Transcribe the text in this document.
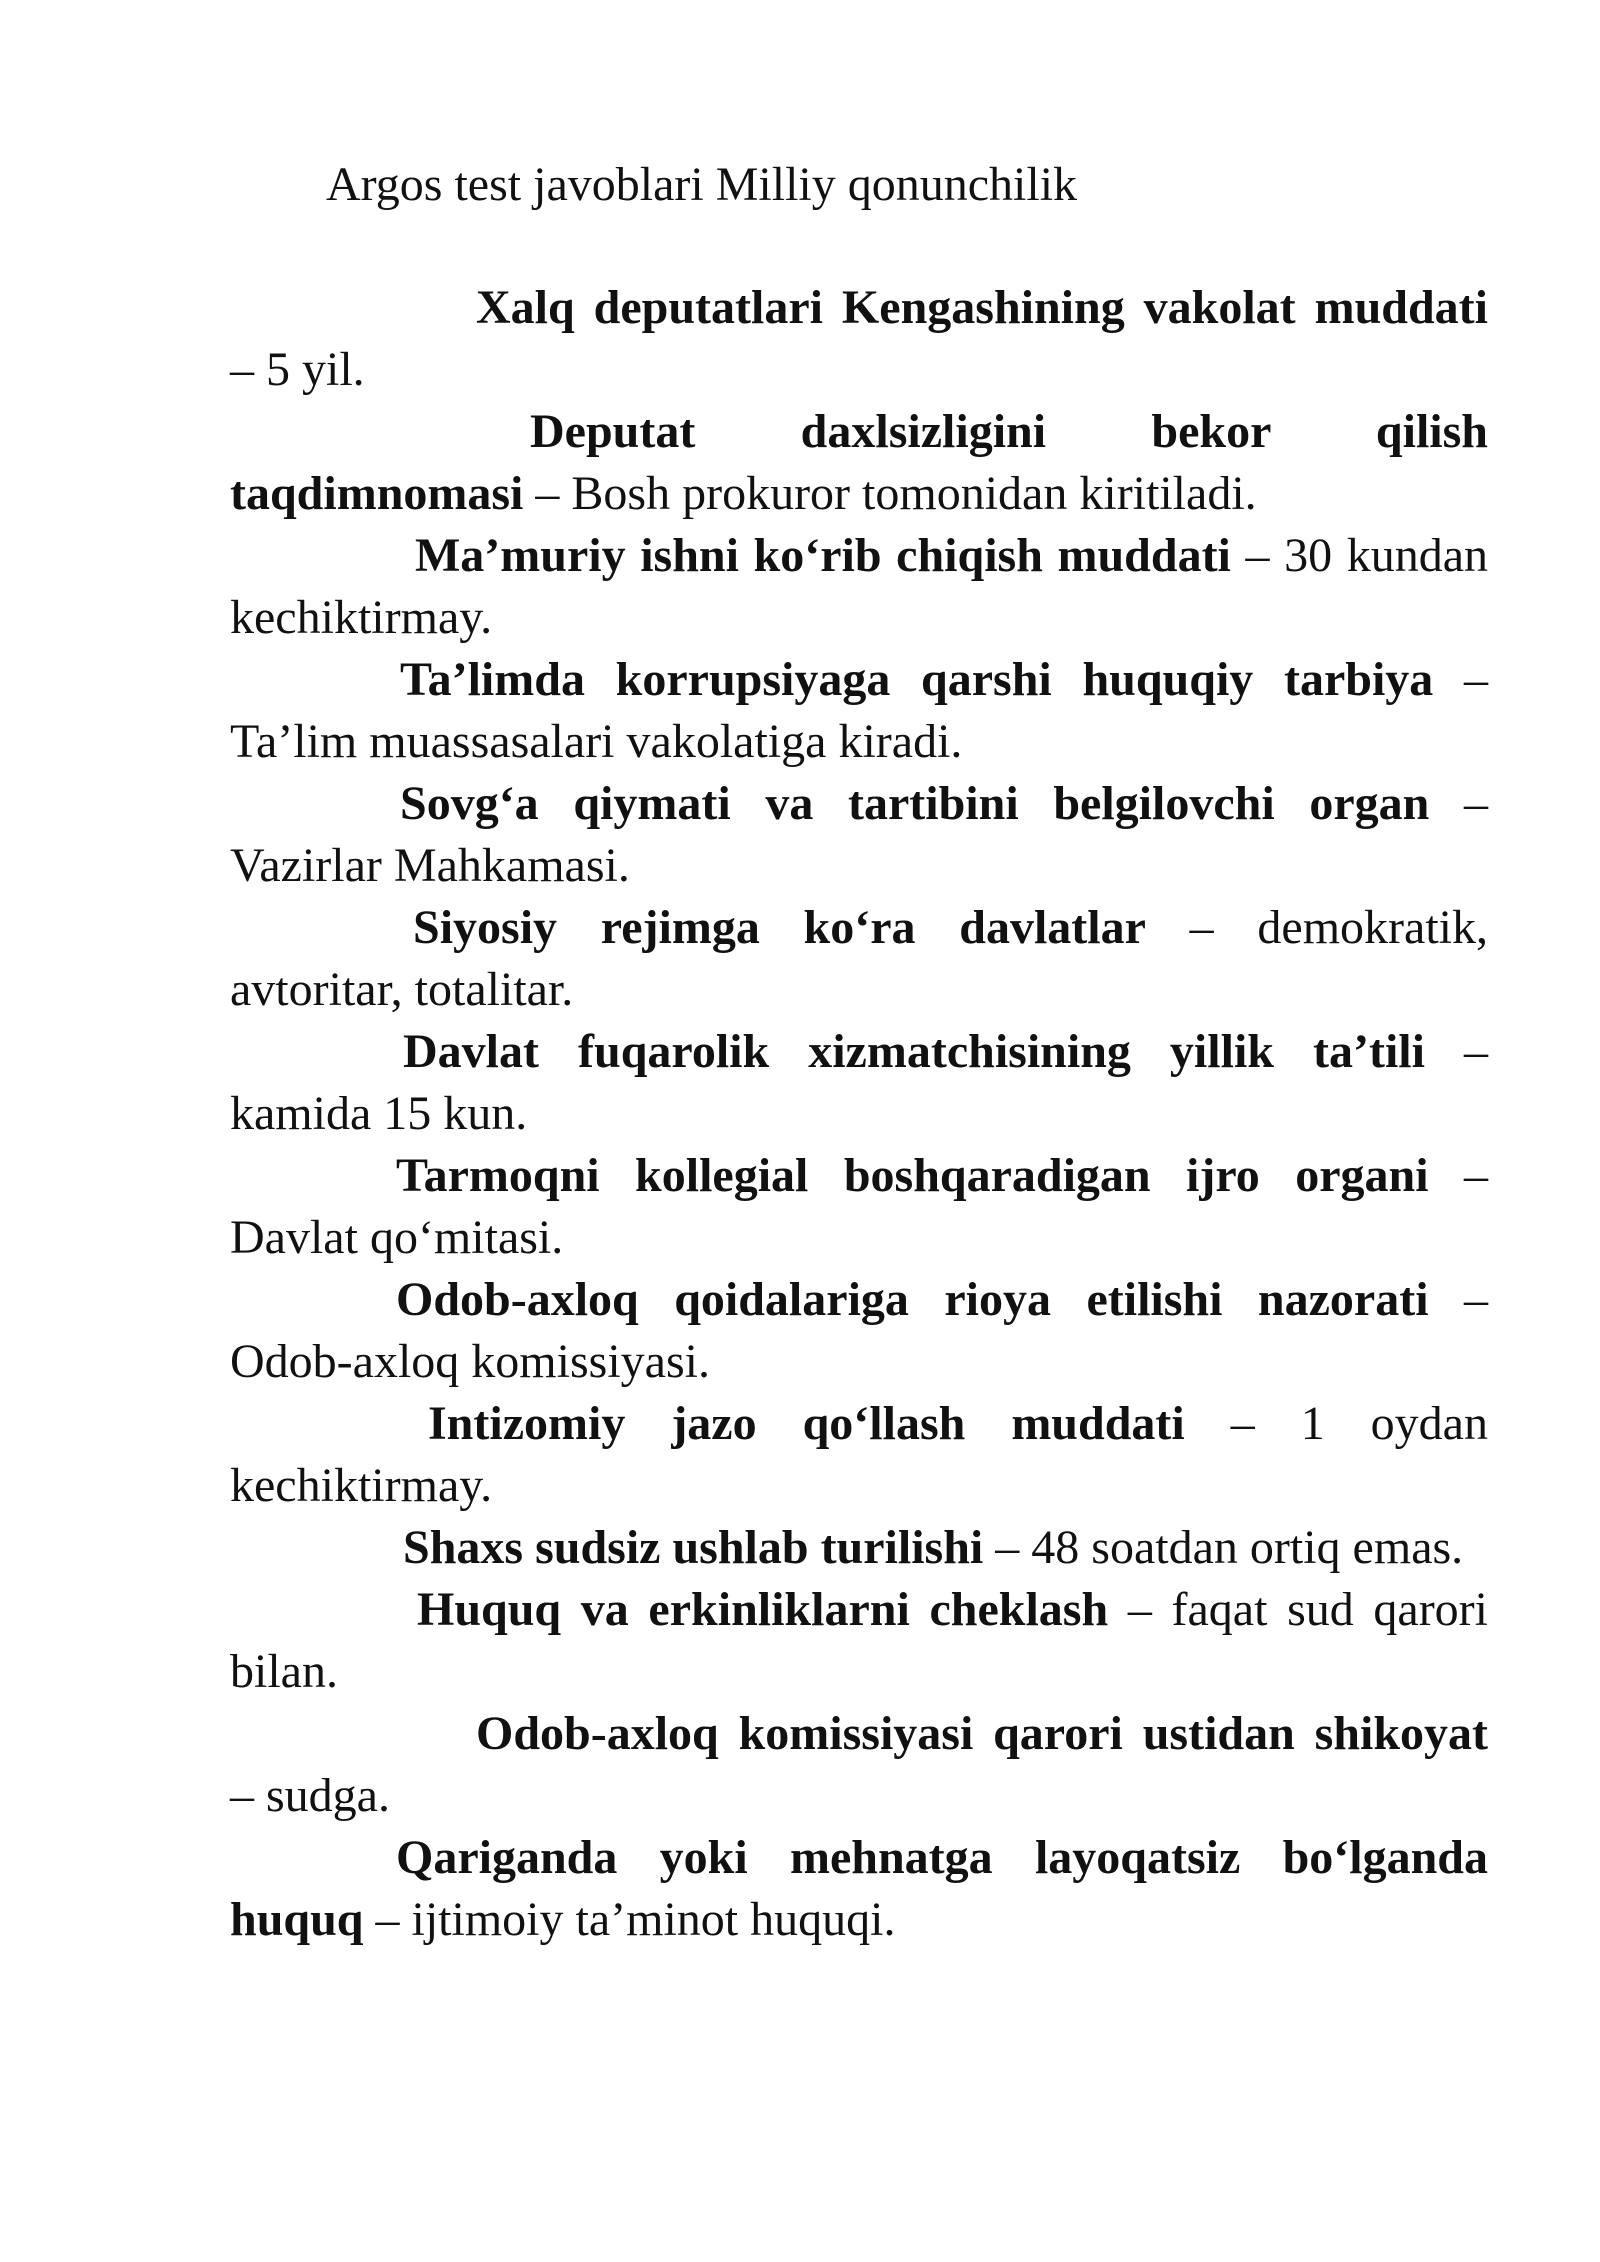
Argos test javoblari Milliy qonunchilik
Xalq deputatlari Kengashining vakolat muddati – 5 yil.
Deputat daxlsizligini bekor qilish taqdimnomasi – Bosh prokuror tomonidan kiritiladi.
Ma’muriy ishni ko‘rib chiqish muddati – 30 kundan kechiktirmay.
Ta’limda korrupsiyaga qarshi huquqiy tarbiya – Ta’lim muassasalari vakolatiga kiradi.
Sovg‘a qiymati va tartibini belgilovchi organ – Vazirlar Mahkamasi.
Siyosiy rejimga ko‘ra davlatlar – demokratik, avtoritar, totalitar.
Davlat fuqarolik xizmatchisining yillik ta’tili – kamida 15 kun.
Tarmoqni kollegial boshqaradigan ijro organi – Davlat qo‘mitasi.
Odob-axloq qoidalariga rioya etilishi nazorati – Odob-axloq komissiyasi.
Intizomiy jazo qo‘llash muddati – 1 oydan kechiktirmay.
Shaxs sudsiz ushlab turilishi – 48 soatdan ortiq emas.
Huquq va erkinliklarni cheklash – faqat sud qarori bilan.
Odob-axloq komissiyasi qarori ustidan shikoyat – sudga.
Qariganda yoki mehnatga layoqatsiz bo‘lganda huquq – ijtimoiy ta’minot huquqi.
